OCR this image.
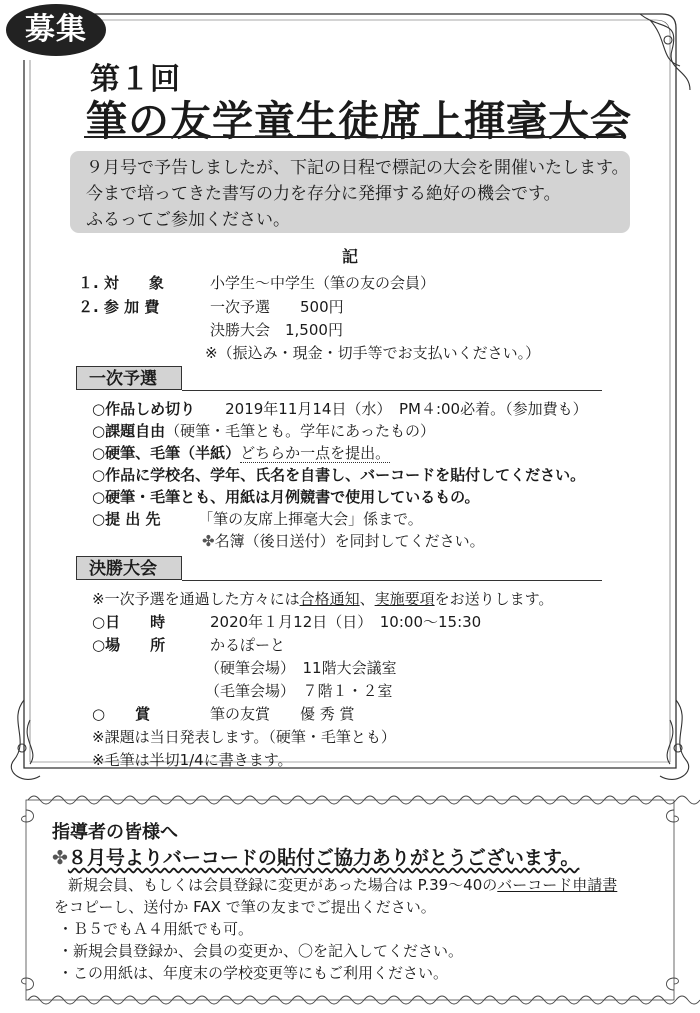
募集
第１回
筆の友学童生徒席上揮毫大会
９月号で予告しましたが、下記の日程で標記の大会を開催いたします。
今まで培ってきた書写の力を存分に発揮する絶好の機会です。
ふるってご参加ください。
記
１. 対　　象	小学生～中学生（筆の友の会員）
２. 参 加 費	一次予選　　500円
決勝大会　1,500円
※（振込み・現金・切手等でお支払いください。）
一次予選
○作品しめ切り　　 2019年11月14日（水）　PM４:00必着。（参加費も）
○課題自由（硬筆・毛筆とも。学年にあったもの）
○硬筆、毛筆（半紙）どちらか一点を提出。
○作品に学校名、学年、氏名を自書し、バーコードを貼付してください。
○硬筆・毛筆とも、用紙は月例競書で使用しているもの。
○提 出 先　　　	「筆の友席上揮毫大会」係まで。
✤名簿（後日送付）を同封してください。
決勝大会
※一次予選を通過した方々には合格通知、実施要項をお送りします。
○日　　時	2020年１月12日（日）　10:00～15:30
○場　　所	かるぽーと
（硬筆会場）　11階大会議室
（毛筆会場）　７階１・２室
○　　賞	筆の友賞　　優 秀 賞
※課題は当日発表します。（硬筆・毛筆とも）
※毛筆は半切1/4に書きます。
指導者の皆様へ
✤８月号よりバーコードの貼付ご協力ありがとうございます。
新規会員、もしくは会員登録に変更があった場合は P.39～40のバーコード申請書
をコピーし、送付か FAX で筆の友までご提出ください。
・Ｂ５でもＡ４用紙でも可。
・新規会員登録か、会員の変更か、〇を記入してください。
・この用紙は、年度末の学校変更等にもご利用ください。
